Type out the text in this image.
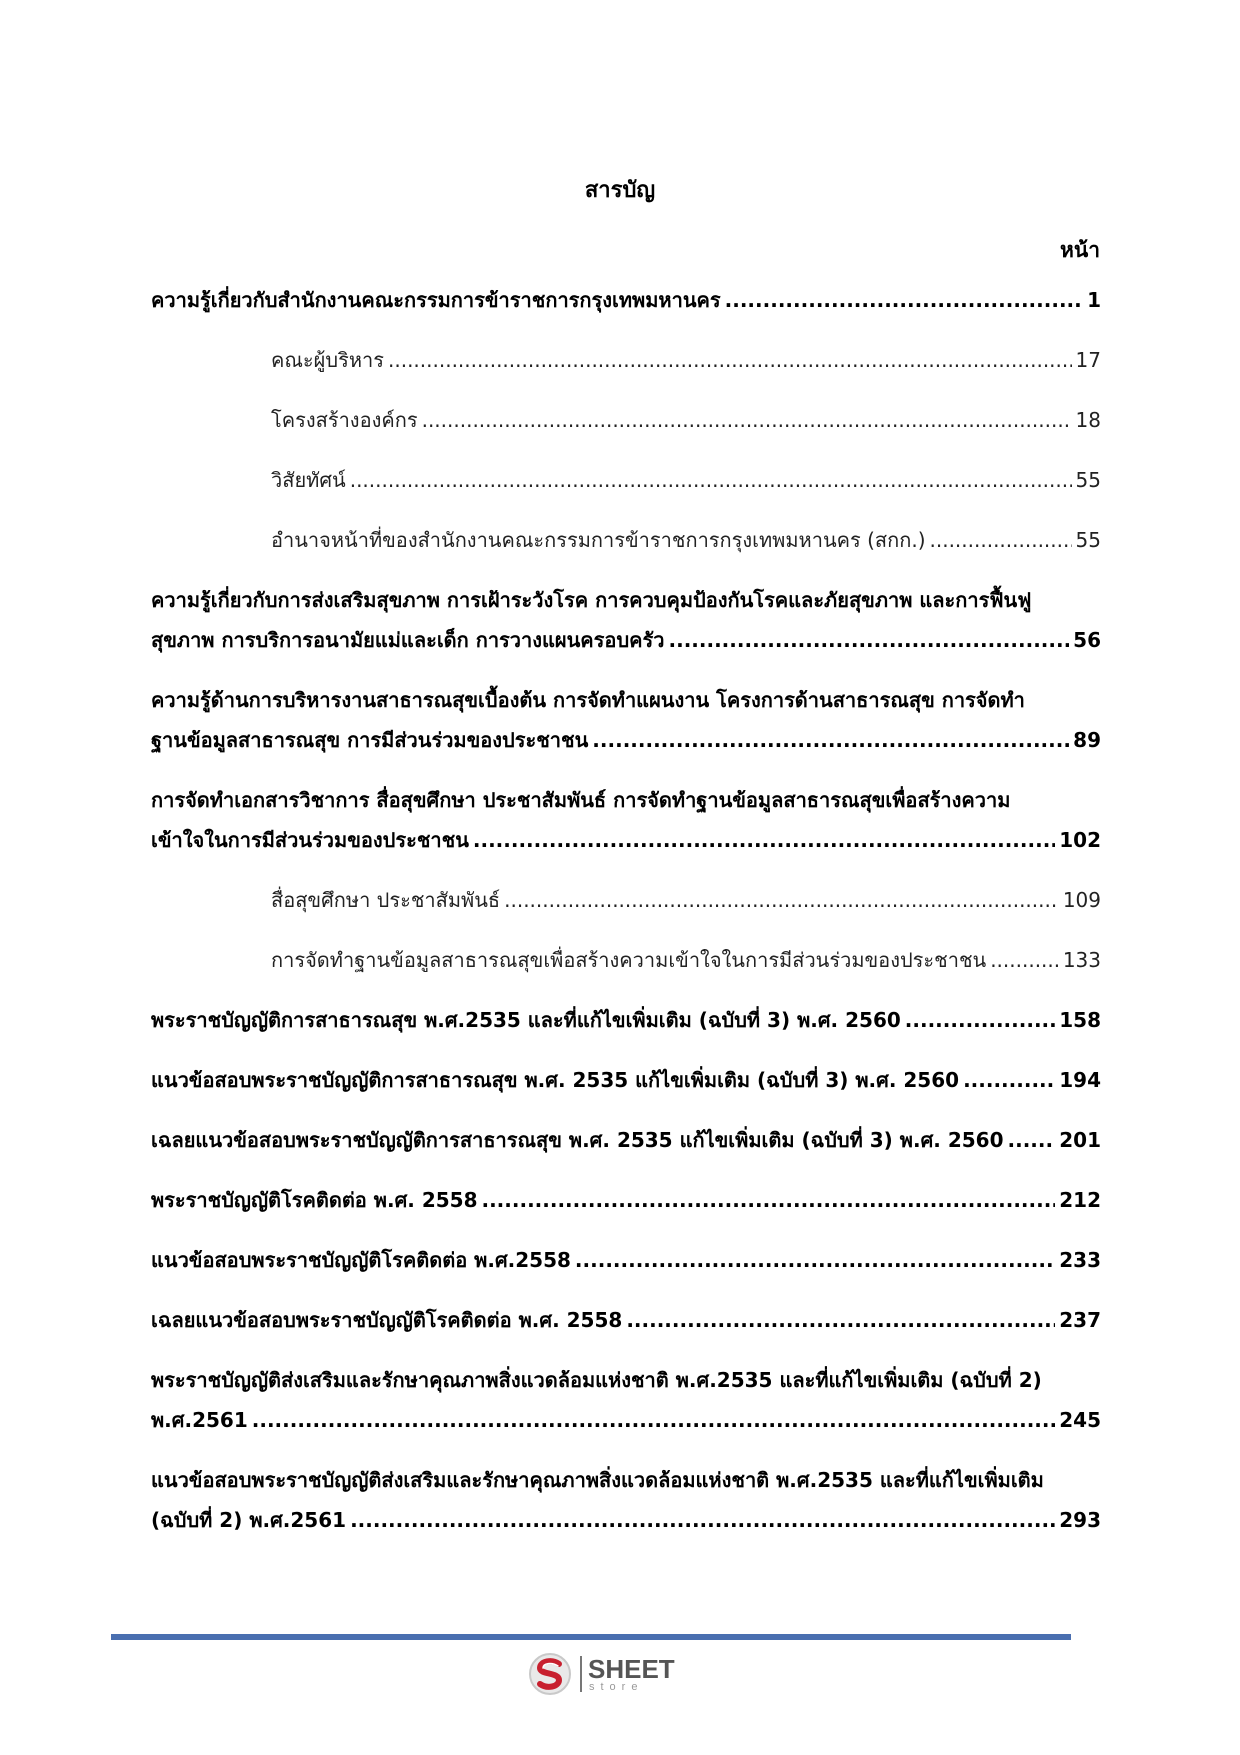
สารบัญ
หน้า
ความรู้เกี่ยวกับสำนักงานคณะกรรมการข้าราชการกรุงเทพมหานคร .....	1
คณะผู้บริหาร .....	17
โครงสร้างองค์กร .....	18
วิสัยทัศน์ .....	55
อำนาจหน้าที่ของสำนักงานคณะกรรมการข้าราชการกรุงเทพมหานคร (สกก.) .....	55
ความรู้เกี่ยวกับการส่งเสริมสุขภาพ การเฝ้าระวังโรค การควบคุมป้องกันโรคและภัยสุขภาพ และการฟื้นฟู
สุขภาพ การบริการอนามัยแม่และเด็ก การวางแผนครอบครัว .....	56
ความรู้ด้านการบริหารงานสาธารณสุขเบื้องต้น การจัดทำแผนงาน โครงการด้านสาธารณสุข การจัดทำ
ฐานข้อมูลสาธารณสุข การมีส่วนร่วมของประชาชน .....	89
การจัดทำเอกสารวิชาการ สื่อสุขศึกษา ประชาสัมพันธ์ การจัดทำฐานข้อมูลสาธารณสุขเพื่อสร้างความ
เข้าใจในการมีส่วนร่วมของประชาชน .....	102
สื่อสุขศึกษา ประชาสัมพันธ์ .....	109
การจัดทำฐานข้อมูลสาธารณสุขเพื่อสร้างความเข้าใจในการมีส่วนร่วมของประชาชน .....	133
พระราชบัญญัติการสาธารณสุข พ.ศ.2535 และที่แก้ไขเพิ่มเติม (ฉบับที่ 3) พ.ศ. 2560 .....	158
แนวข้อสอบพระราชบัญญัติการสาธารณสุข พ.ศ. 2535 แก้ไขเพิ่มเติม (ฉบับที่ 3) พ.ศ. 2560 .....	194
เฉลยแนวข้อสอบพระราชบัญญัติการสาธารณสุข พ.ศ. 2535 แก้ไขเพิ่มเติม (ฉบับที่ 3) พ.ศ. 2560 .....	201
พระราชบัญญัติโรคติดต่อ พ.ศ. 2558 .....	212
แนวข้อสอบพระราชบัญญัติโรคติดต่อ พ.ศ.2558 .....	233
เฉลยแนวข้อสอบพระราชบัญญัติโรคติดต่อ พ.ศ. 2558 .....	237
พระราชบัญญัติส่งเสริมและรักษาคุณภาพสิ่งแวดล้อมแห่งชาติ พ.ศ.2535 และที่แก้ไขเพิ่มเติม (ฉบับที่ 2)
พ.ศ.2561 .....	245
แนวข้อสอบพระราชบัญญัติส่งเสริมและรักษาคุณภาพสิ่งแวดล้อมแห่งชาติ พ.ศ.2535 และที่แก้ไขเพิ่มเติม
(ฉบับที่ 2) พ.ศ.2561 .....	293
SHEET
store
